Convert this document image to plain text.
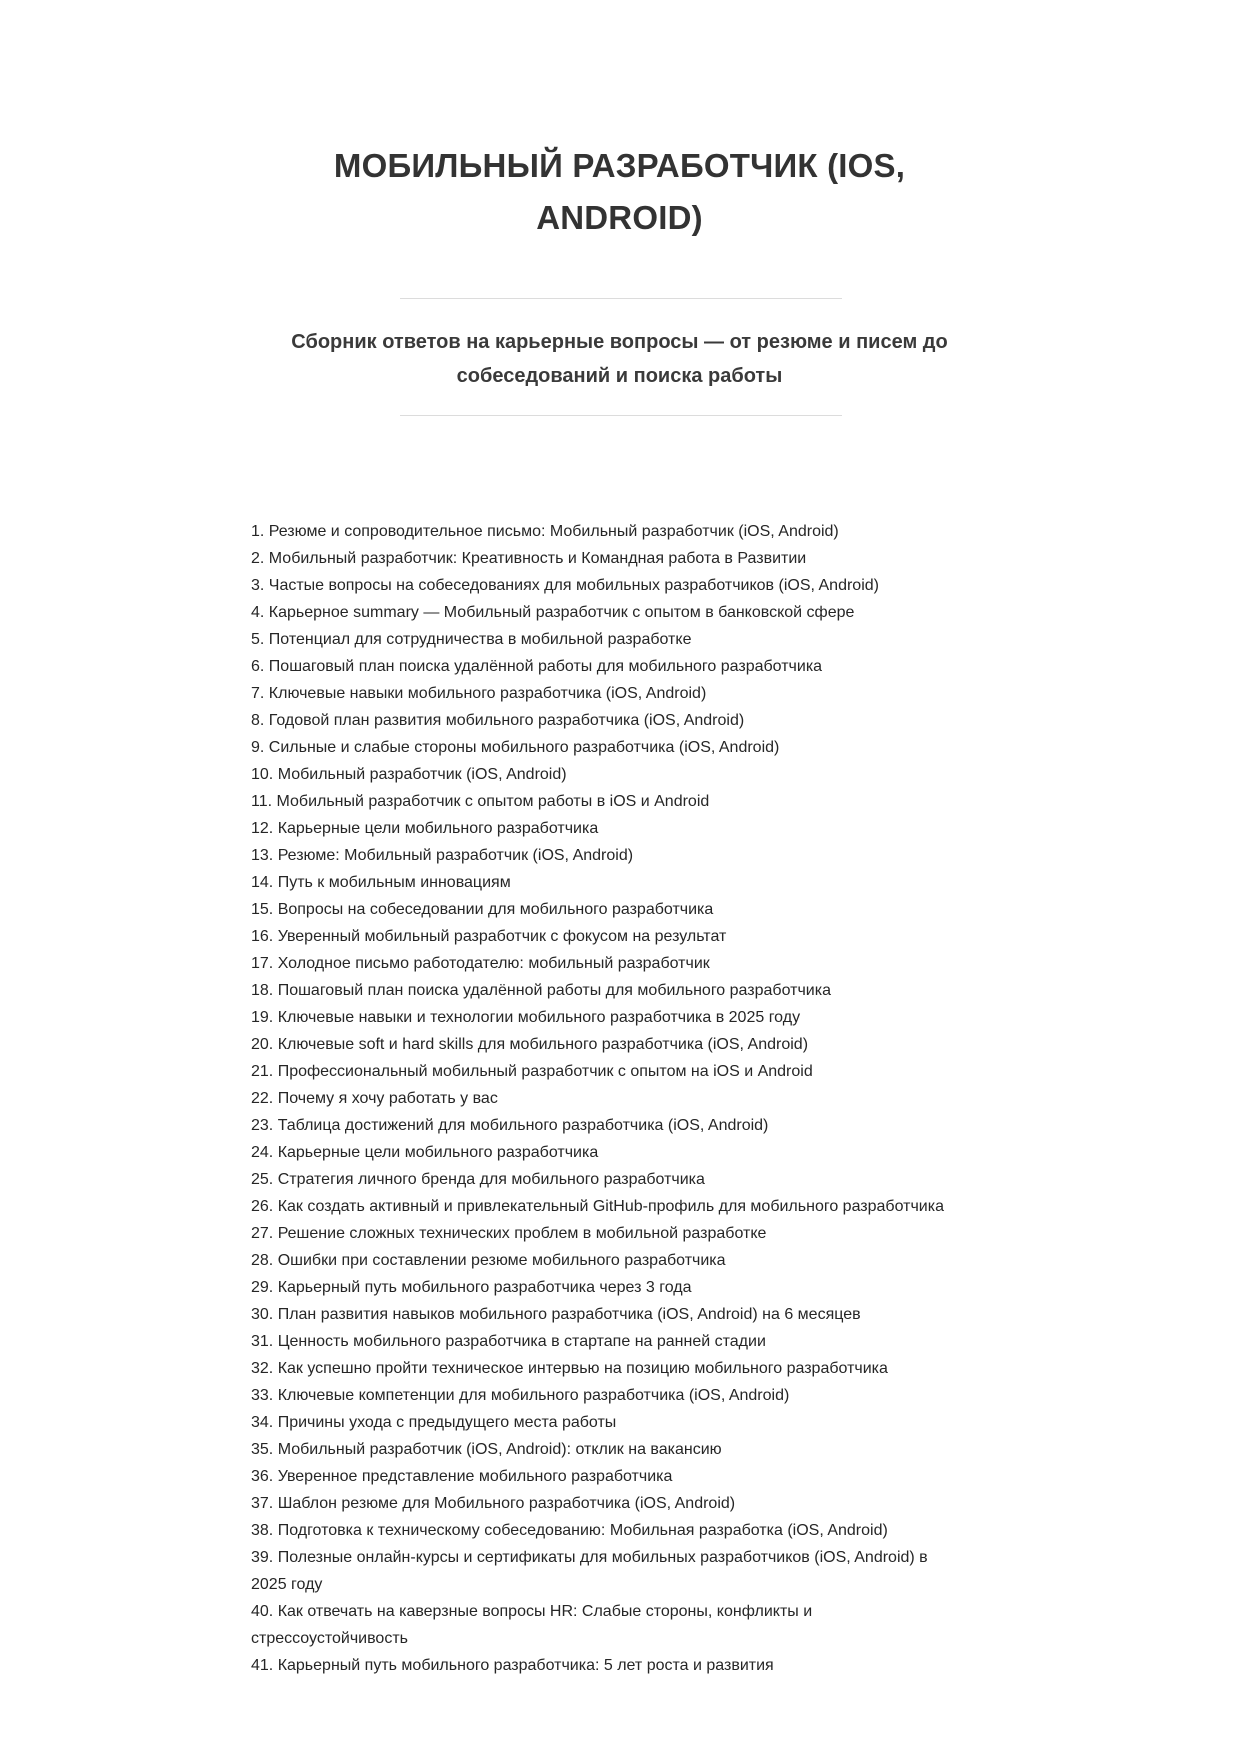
МОБИЛЬНЫЙ РАЗРАБОТЧИК (IOS,
ANDROID)

Сборник ответов на карьерные вопросы — от резюме и писем до
собеседований и поиска работы

1. Резюме и сопроводительное письмо: Мобильный разработчик (iOS, Android)
2. Мобильный разработчик: Креативность и Командная работа в Развитии
3. Частые вопросы на собеседованиях для мобильных разработчиков (iOS, Android)
4. Карьерное summary — Мобильный разработчик с опытом в банковской сфере
5. Потенциал для сотрудничества в мобильной разработке
6. Пошаговый план поиска удалённой работы для мобильного разработчика
7. Ключевые навыки мобильного разработчика (iOS, Android)
8. Годовой план развития мобильного разработчика (iOS, Android)
9. Сильные и слабые стороны мобильного разработчика (iOS, Android)
10. Мобильный разработчик (iOS, Android)
11. Мобильный разработчик с опытом работы в iOS и Android
12. Карьерные цели мобильного разработчика
13. Резюме: Мобильный разработчик (iOS, Android)
14. Путь к мобильным инновациям
15. Вопросы на собеседовании для мобильного разработчика
16. Уверенный мобильный разработчик с фокусом на результат
17. Холодное письмо работодателю: мобильный разработчик
18. Пошаговый план поиска удалённой работы для мобильного разработчика
19. Ключевые навыки и технологии мобильного разработчика в 2025 году
20. Ключевые soft и hard skills для мобильного разработчика (iOS, Android)
21. Профессиональный мобильный разработчик с опытом на iOS и Android
22. Почему я хочу работать у вас
23. Таблица достижений для мобильного разработчика (iOS, Android)
24. Карьерные цели мобильного разработчика
25. Стратегия личного бренда для мобильного разработчика
26. Как создать активный и привлекательный GitHub-профиль для мобильного разработчика
27. Решение сложных технических проблем в мобильной разработке
28. Ошибки при составлении резюме мобильного разработчика
29. Карьерный путь мобильного разработчика через 3 года
30. План развития навыков мобильного разработчика (iOS, Android) на 6 месяцев
31. Ценность мобильного разработчика в стартапе на ранней стадии
32. Как успешно пройти техническое интервью на позицию мобильного разработчика
33. Ключевые компетенции для мобильного разработчика (iOS, Android)
34. Причины ухода с предыдущего места работы
35. Мобильный разработчик (iOS, Android): отклик на вакансию
36. Уверенное представление мобильного разработчика
37. Шаблон резюме для Мобильного разработчика (iOS, Android)
38. Подготовка к техническому собеседованию: Мобильная разработка (iOS, Android)
39. Полезные онлайн-курсы и сертификаты для мобильных разработчиков (iOS, Android) в
2025 году
40. Как отвечать на каверзные вопросы HR: Слабые стороны, конфликты и
стрессоустойчивость
41. Карьерный путь мобильного разработчика: 5 лет роста и развития
